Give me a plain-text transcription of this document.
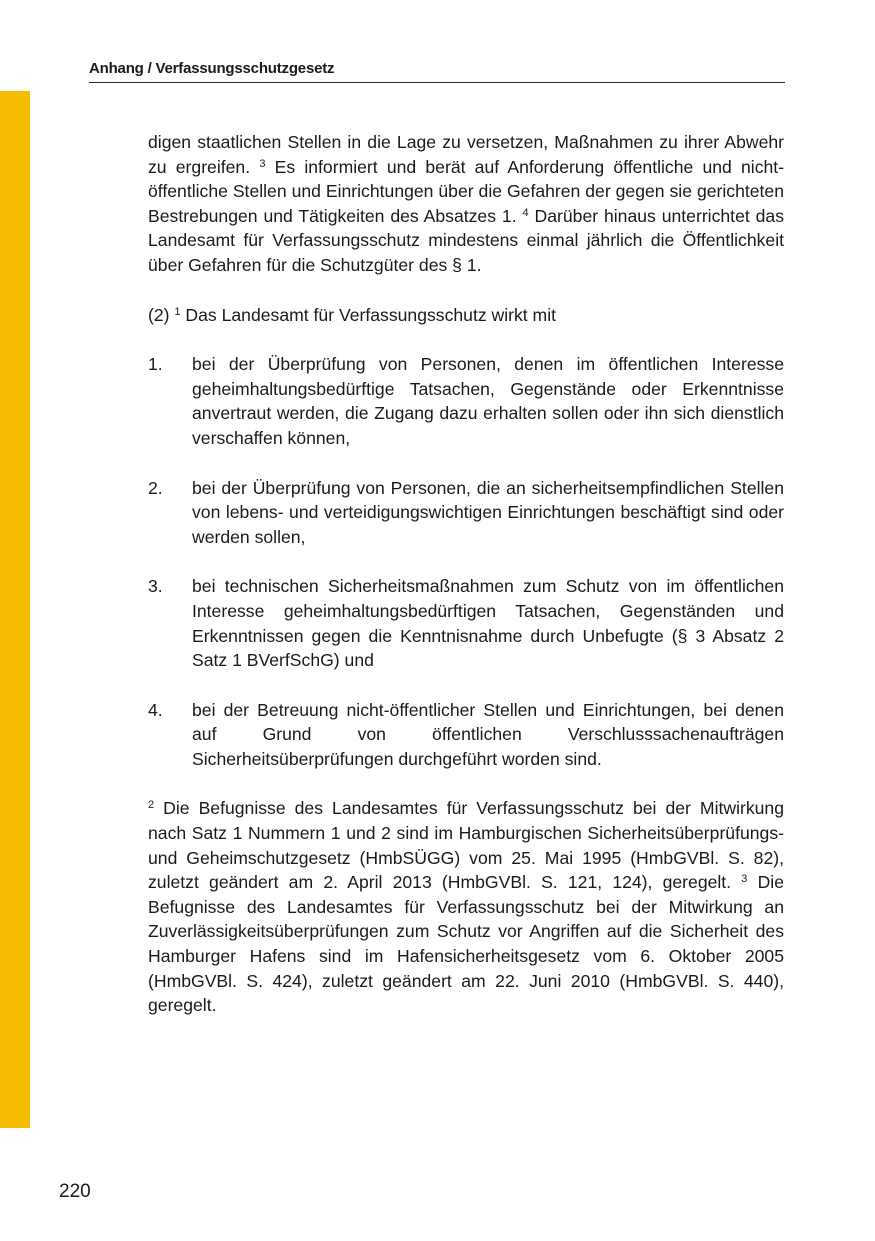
Anhang / Verfassungsschutzgesetz

digen staatlichen Stellen in die Lage zu versetzen, Maßnahmen zu ihrer Abwehr zu ergreifen. $^3$ Es informiert und berät auf Anforderung öffentliche und nicht-öffentliche Stellen und Einrichtungen über die Gefahren der gegen sie gerichteten Bestrebungen und Tätigkeiten des Absatzes 1. $^4$ Darüber hinaus unterrichtet das Landesamt für Verfassungsschutz mindestens einmal jährlich die Öffentlichkeit über Gefahren für die Schutzgüter des § 1.

(2) $^1$ Das Landesamt für Verfassungsschutz wirkt mit

1.	bei der Überprüfung von Personen, denen im öffentlichen Interesse geheimhaltungsbedürftige Tatsachen, Gegenstände oder Erkenntnisse anvertraut werden, die Zugang dazu erhalten sollen oder ihn sich dienstlich verschaffen können,
2.	bei der Überprüfung von Personen, die an sicherheitsempfindlichen Stellen von lebens- und verteidigungswichtigen Einrichtungen beschäftigt sind oder werden sollen,
3.	bei technischen Sicherheitsmaßnahmen zum Schutz von im öffentlichen Interesse geheimhaltungsbedürftigen Tatsachen, Gegenständen und Erkenntnissen gegen die Kenntnisnahme durch Unbefugte (§ 3 Absatz 2 Satz 1 BVerfSchG) und
4.	bei der Betreuung nicht-öffentlicher Stellen und Einrichtungen, bei denen auf Grund von öffentlichen Verschlusssachenaufträgen Sicherheitsüberprüfungen durchgeführt worden sind.

$^2$ Die Befugnisse des Landesamtes für Verfassungsschutz bei der Mitwirkung nach Satz 1 Nummern 1 und 2 sind im Hamburgischen Sicherheitsüberprüfungs- und Geheimschutzgesetz (HmbSÜGG) vom 25. Mai 1995 (HmbGVBl. S. 82), zuletzt geändert am 2. April 2013 (HmbGVBl. S. 121, 124), geregelt. $^3$ Die Befugnisse des Landesamtes für Verfassungsschutz bei der Mitwirkung an Zuverlässigkeitsüberprüfungen zum Schutz vor Angriffen auf die Sicherheit des Hamburger Hafens sind im Hafensicherheitsgesetz vom 6. Oktober 2005 (HmbGVBl. S. 424), zuletzt geändert am 22. Juni 2010 (HmbGVBl. S. 440), geregelt.

220
